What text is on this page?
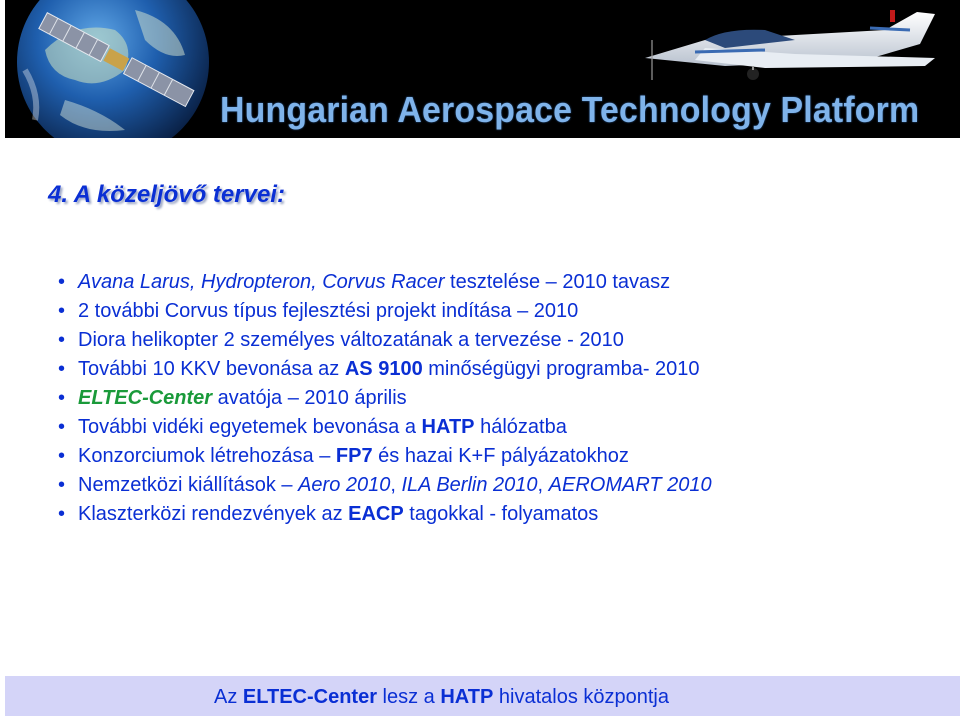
Hungarian Aerospace Technology Platform
4. A közeljövő tervei:
• Avana Larus, Hydropteron, Corvus Racer tesztelése – 2010 tavasz
• 2 további Corvus típus fejlesztési projekt indítása – 2010
• Diora helikopter 2 személyes változatának a tervezése - 2010
• További 10 KKV bevonása az AS 9100 minőségügyi programba- 2010
• ELTEC-Center avatója – 2010 április
• További vidéki egyetemek bevonása a HATP hálózatba
• Konzorciumok létrehozása – FP7 és hazai K+F pályázatokhoz
• Nemzetközi kiállítások – Aero 2010, ILA Berlin 2010, AEROMART 2010
• Klaszterközi rendezvények az EACP tagokkal - folyamatos
Az ELTEC-Center lesz a HATP hivatalos központja
